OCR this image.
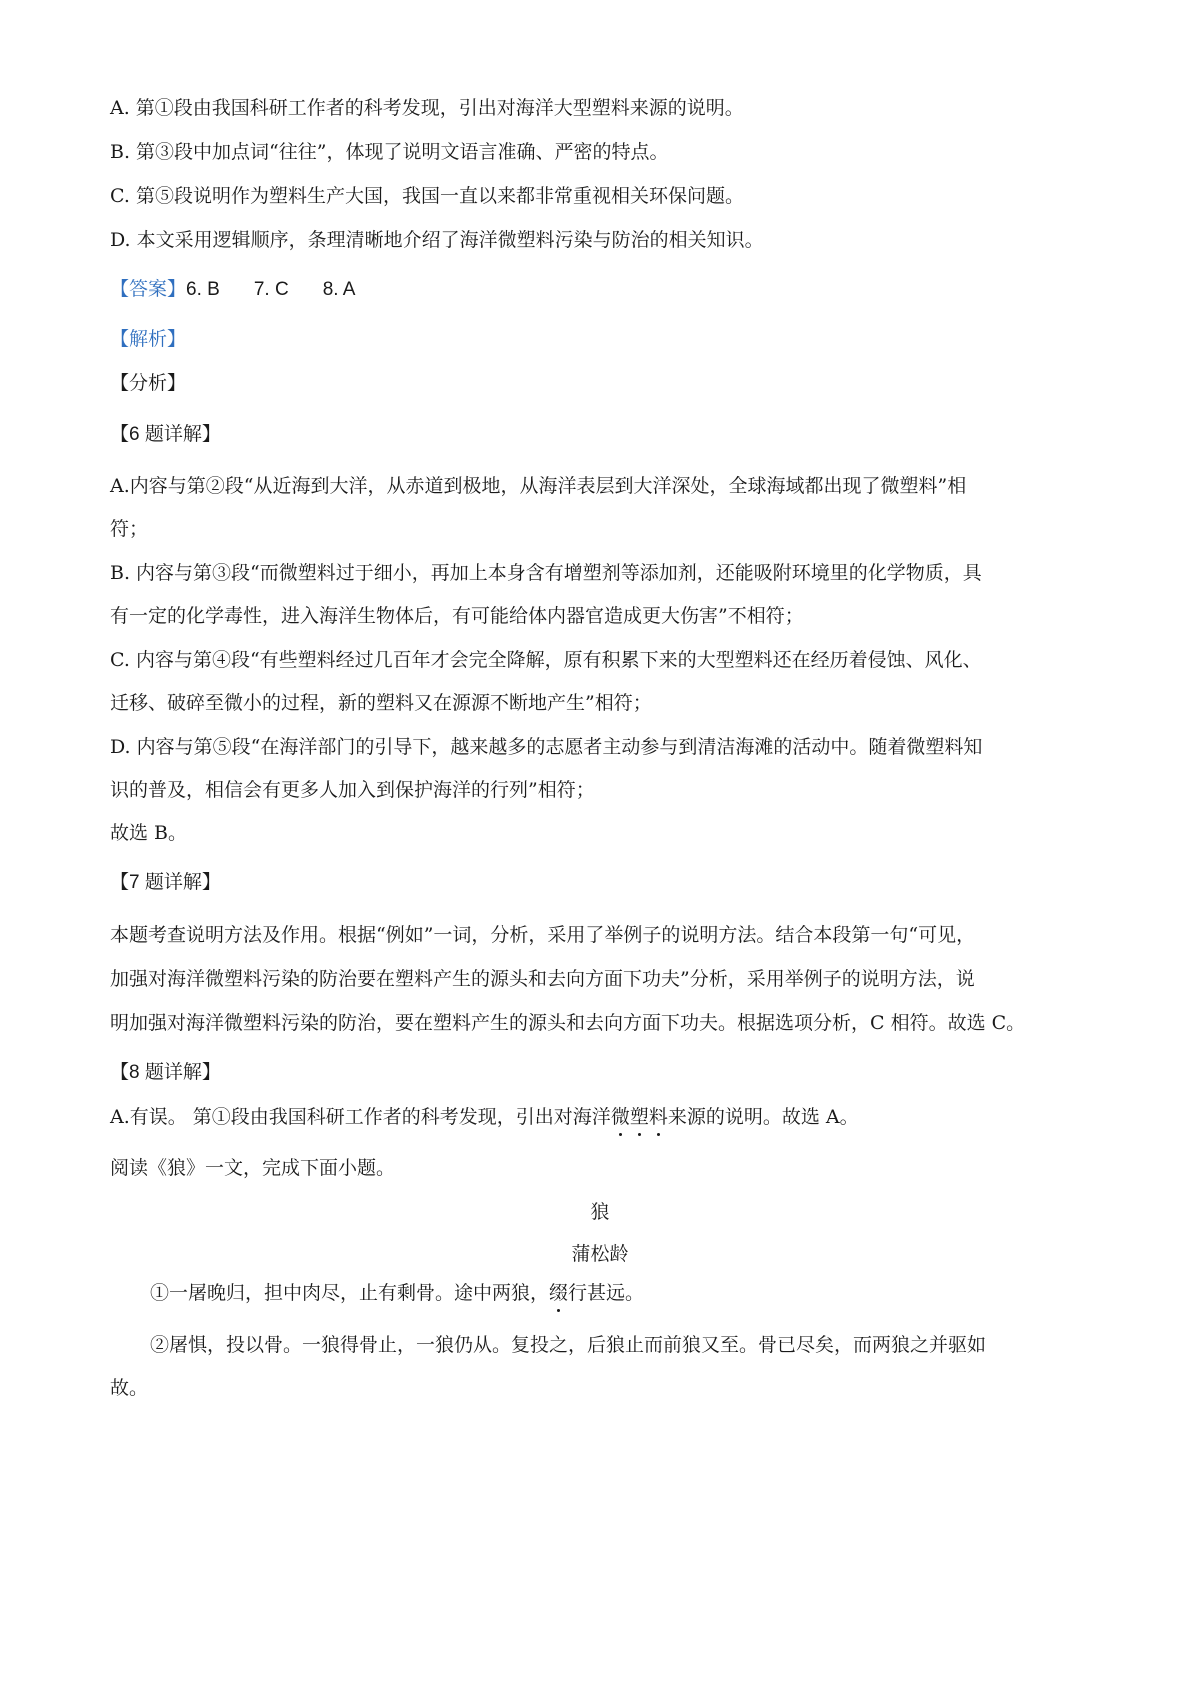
A. 第①段由我国科研工作者的科考发现，引出对海洋大型塑料来源的说明。
B. 第③段中加点词“往往”，体现了说明文语言准确、严密的特点。
C. 第⑤段说明作为塑料生产大国，我国一直以来都非常重视相关环保问题。
D. 本文采用逻辑顺序，条理清晰地介绍了海洋微塑料污染与防治的相关知识。
【答案】6. B 7. C 8. A
【解析】
【分析】
【6 题详解】
A.内容与第②段“从近海到大洋，从赤道到极地，从海洋表层到大洋深处，全球海域都出现了微塑料”相
符；
B. 内容与第③段“而微塑料过于细小，再加上本身含有增塑剂等添加剂，还能吸附环境里的化学物质，具
有一定的化学毒性，进入海洋生物体后，有可能给体内器官造成更大伤害”不相符；
C. 内容与第④段“有些塑料经过几百年才会完全降解，原有积累下来的大型塑料还在经历着侵蚀、风化、
迁移、破碎至微小的过程，新的塑料又在源源不断地产生”相符；
D. 内容与第⑤段“在海洋部门的引导下，越来越多的志愿者主动参与到清洁海滩的活动中。随着微塑料知
识的普及，相信会有更多人加入到保护海洋的行列”相符；
故选 B。
【7 题详解】
本题考查说明方法及作用。根据“例如”一词，分析，采用了举例子的说明方法。结合本段第一句“可见，
加强对海洋微塑料污染的防治要在塑料产生的源头和去向方面下功夫”分析，采用举例子的说明方法，说
明加强对海洋微塑料污染的防治，要在塑料产生的源头和去向方面下功夫。根据选项分析，C 相符。故选 C。
【8 题详解】
A.有误。 第①段由我国科研工作者的科考发现，引出对海洋微塑料来源的说明。故选 A。
阅读《狼》一文，完成下面小题。
狼
蒲松龄
①一屠晚归，担中肉尽，止有剩骨。途中两狼，缀行甚远。
②屠惧，投以骨。一狼得骨止，一狼仍从。复投之，后狼止而前狼又至。骨已尽矣，而两狼之并驱如
故。
